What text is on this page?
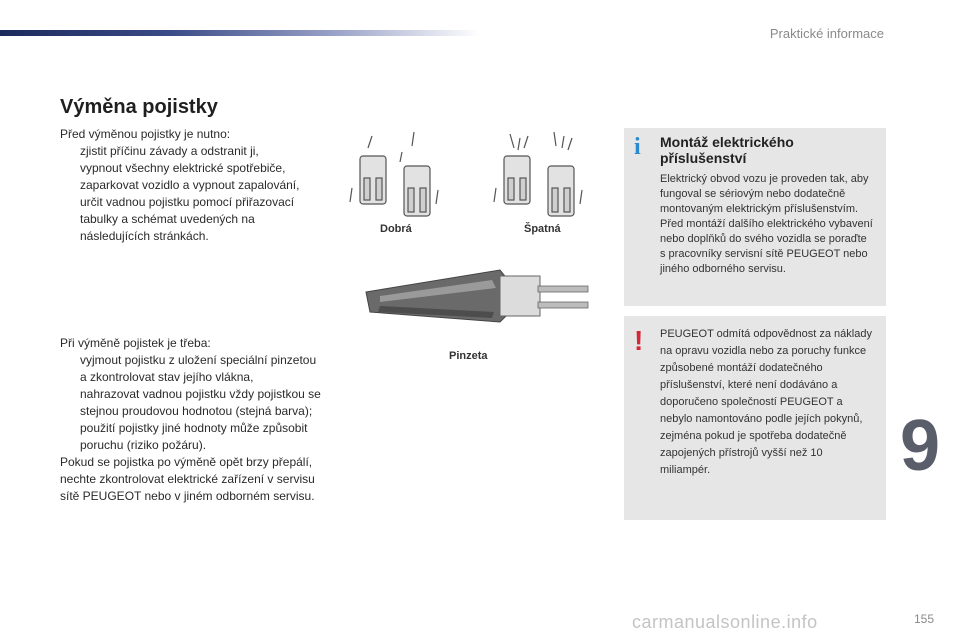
Praktické informace
Výměna pojistky
Před výměnou pojistky je nutno:
zjistit příčinu závady a odstranit ji,
vypnout všechny elektrické spotřebiče,
zaparkovat vozidlo a vypnout zapalování,
určit vadnou pojistku pomocí přiřazovací tabulky a schémat uvedených na následujících stránkách.
Při výměně pojistek je třeba:
vyjmout pojistku z uložení speciální pinzetou a zkontrolovat stav jejího vlákna,
nahrazovat vadnou pojistku vždy pojistkou se stejnou proudovou hodnotou (stejná barva); použití pojistky jiné hodnoty může způsobit poruchu (riziko požáru).
Pokud se pojistka po výměně opět brzy přepálí, nechte zkontrolovat elektrické zařízení v servisu sítě PEUGEOT nebo v jiném odborném servisu.
Dobrá	Špatná
Pinzeta
i	Montáž elektrického příslušenství
Elektrický obvod vozu je proveden tak, aby fungoval se sériovým nebo dodatečně montovaným elektrickým příslušenstvím.
Před montáží dalšího elektrického vybavení nebo doplňků do svého vozidla se poraďte s pracovníky servisní sítě PEUGEOT nebo jiného odborného servisu.
!	PEUGEOT odmítá odpovědnost za náklady na opravu vozidla nebo za poruchy funkce způsobené montáží dodatečného příslušenství, které není dodáváno a doporučeno společností PEUGEOT a nebylo namontováno podle jejích pokynů, zejména pokud je spotřeba dodatečně zapojených přístrojů vyšší než 10 miliampér.	9
carmanualsonline.info	155
